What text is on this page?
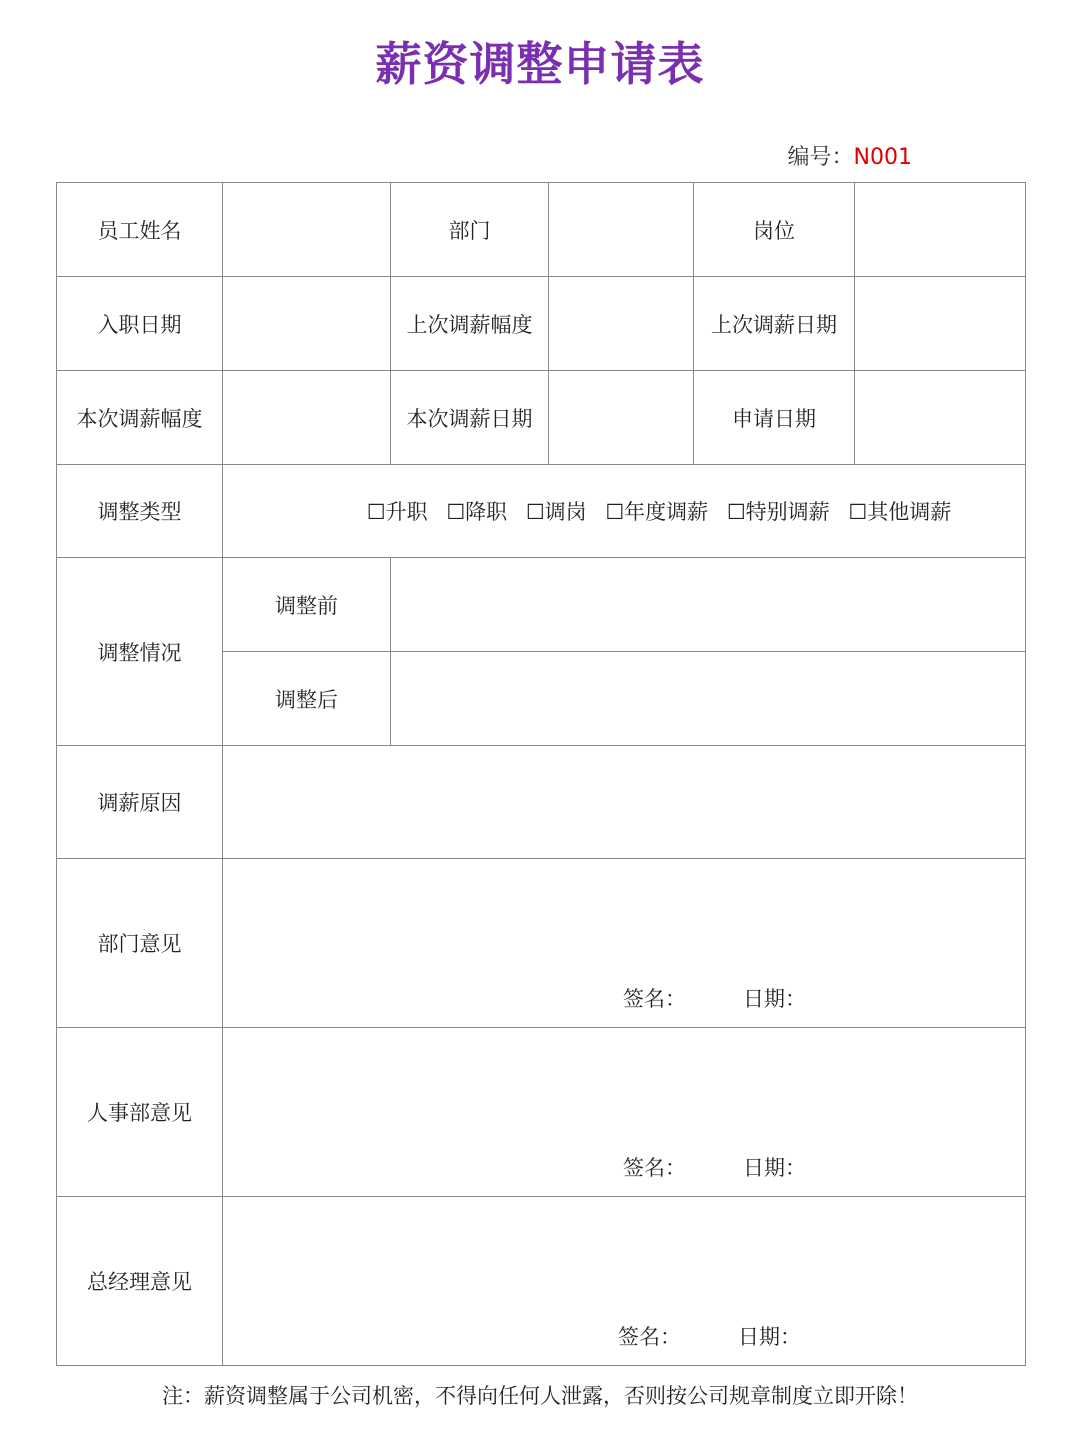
薪资调整申请表
编号：N001
员工姓名		部门		岗位	
入职日期		上次调薪幅度		上次调薪日期	
本次调薪幅度		本次调薪日期		申请日期	
调整类型	☐升职 ☐降职 ☐调岗 ☐年度调薪 ☐特别调薪 ☐其他调薪				
调整情况	调整前				
	调整后				
调薪原因					
部门意见	签名： 日期：				

人事部意见	签名： 日期：				

总经理意见	签名： 日期：				
注：薪资调整属于公司机密，不得向任何人泄露，否则按公司规章制度立即开除！
